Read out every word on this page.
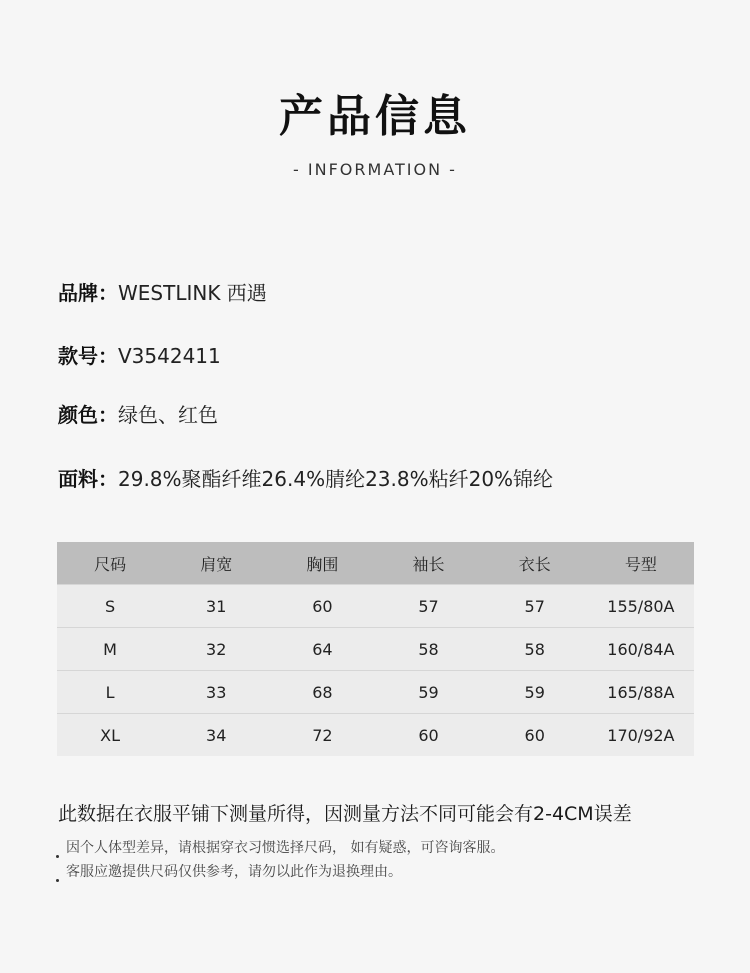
产品信息
- INFORMATION -
品牌：WESTLINK 西遇
款号：V3542411
颜色：绿色、红色
面料：29.8%聚酯纤维26.4%腈纶23.8%粘纤20%锦纶
尺码	肩宽	胸围	袖长	衣长	号型
S	31	60	57	57	155/80A
M	32	64	58	58	160/84A
L	33	68	59	59	165/88A
XL	34	72	60	60	170/92A
此数据在衣服平铺下测量所得，因测量方法不同可能会有2-4CM误差
因个人体型差异，请根据穿衣习惯选择尺码， 如有疑惑，可咨询客服。
客服应邀提供尺码仅供参考，请勿以此作为退换理由。
